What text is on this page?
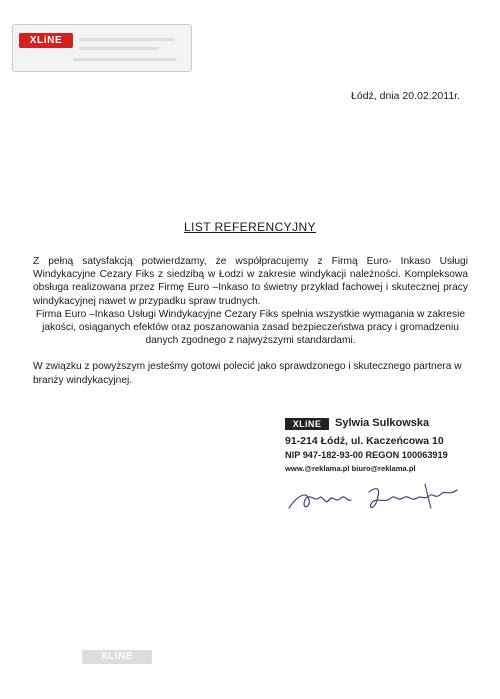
XLiNE
Łódź, dnia 20.02.2011r.
LIST REFERENCYJNY

Z pełną satysfakcją potwierdzamy, że współpracujemy z Firmą Euro- Inkaso Usługi Windykacyjne Cezary Fiks z siedzibą w Łodzi w zakresie windykacji należności. Kompleksowa obsługa realizowana przez Firmę Euro –Inkaso to świetny przykład fachowej i skutecznej pracy windykacyjnej nawet w przypadku spraw trudnych.

Firma Euro –Inkaso Usługi Windykacyjne Cezary Fiks spełnia wszystkie wymagania w zakresie jakości, osiąganych efektów oraz poszanowania zasad bezpieczeństwa pracy i gromadzeniu danych zgodnego z najwyższymi standardami.

W związku z powyższym jesteśmy gotowi polecić jako sprawdzonego i skutecznego partnera w branży windykacyjnej.

XLiNE	Sylwia Sulkowska
91-214 Łódź, ul. Kaczeńcowa 10
NIP 947-182-93-00 REGON 100063919
www.@reklama.pl biuro@reklama.pl
XLiNE
